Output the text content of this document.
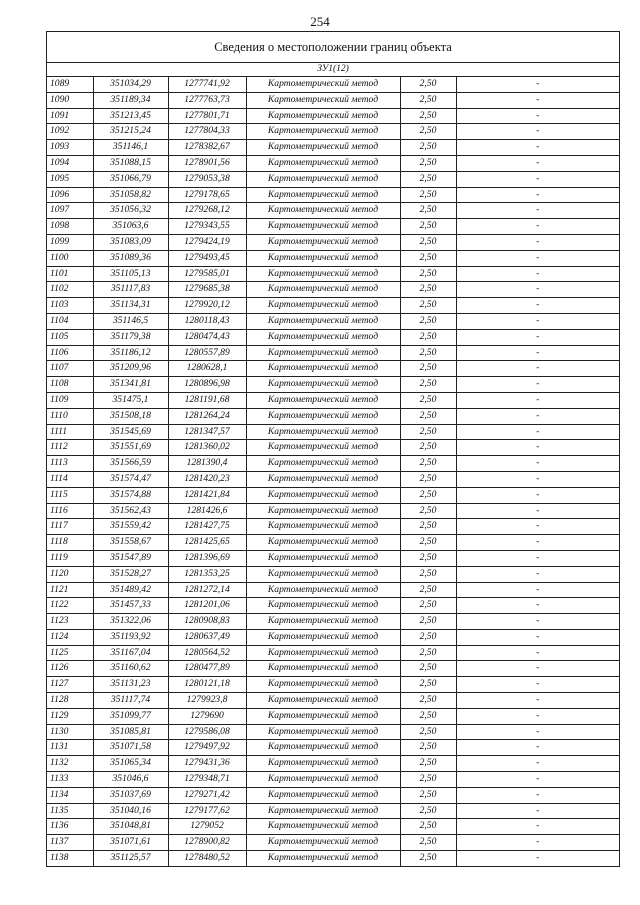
254
Сведения о местоположении границ объекта
ЗУ1(12)
1089	351034,29	1277741,92	Картометрический метод	2,50	-
1090	351189,34	1277763,73	Картометрический метод	2,50	-
1091	351213,45	1277801,71	Картометрический метод	2,50	-
1092	351215,24	1277804,33	Картометрический метод	2,50	-
1093	351146,1	1278382,67	Картометрический метод	2,50	-
1094	351088,15	1278901,56	Картометрический метод	2,50	-
1095	351066,79	1279053,38	Картометрический метод	2,50	-
1096	351058,82	1279178,65	Картометрический метод	2,50	-
1097	351056,32	1279268,12	Картометрический метод	2,50	-
1098	351063,6	1279343,55	Картометрический метод	2,50	-
1099	351083,09	1279424,19	Картометрический метод	2,50	-
1100	351089,36	1279493,45	Картометрический метод	2,50	-
1101	351105,13	1279585,01	Картометрический метод	2,50	-
1102	351117,83	1279685,38	Картометрический метод	2,50	-
1103	351134,31	1279920,12	Картометрический метод	2,50	-
1104	351146,5	1280118,43	Картометрический метод	2,50	-
1105	351179,38	1280474,43	Картометрический метод	2,50	-
1106	351186,12	1280557,89	Картометрический метод	2,50	-
1107	351209,96	1280628,1	Картометрический метод	2,50	-
1108	351341,81	1280896,98	Картометрический метод	2,50	-
1109	351475,1	1281191,68	Картометрический метод	2,50	-
1110	351508,18	1281264,24	Картометрический метод	2,50	-
1111	351545,69	1281347,57	Картометрический метод	2,50	-
1112	351551,69	1281360,02	Картометрический метод	2,50	-
1113	351566,59	1281390,4	Картометрический метод	2,50	-
1114	351574,47	1281420,23	Картометрический метод	2,50	-
1115	351574,88	1281421,84	Картометрический метод	2,50	-
1116	351562,43	1281426,6	Картометрический метод	2,50	-
1117	351559,42	1281427,75	Картометрический метод	2,50	-
1118	351558,67	1281425,65	Картометрический метод	2,50	-
1119	351547,89	1281396,69	Картометрический метод	2,50	-
1120	351528,27	1281353,25	Картометрический метод	2,50	-
1121	351489,42	1281272,14	Картометрический метод	2,50	-
1122	351457,33	1281201,06	Картометрический метод	2,50	-
1123	351322,06	1280908,83	Картометрический метод	2,50	-
1124	351193,92	1280637,49	Картометрический метод	2,50	-
1125	351167,04	1280564,52	Картометрический метод	2,50	-
1126	351160,62	1280477,89	Картометрический метод	2,50	-
1127	351131,23	1280121,18	Картометрический метод	2,50	-
1128	351117,74	1279923,8	Картометрический метод	2,50	-
1129	351099,77	1279690	Картометрический метод	2,50	-
1130	351085,81	1279586,08	Картометрический метод	2,50	-
1131	351071,58	1279497,92	Картометрический метод	2,50	-
1132	351065,34	1279431,36	Картометрический метод	2,50	-
1133	351046,6	1279348,71	Картометрический метод	2,50	-
1134	351037,69	1279271,42	Картометрический метод	2,50	-
1135	351040,16	1279177,62	Картометрический метод	2,50	-
1136	351048,81	1279052	Картометрический метод	2,50	-
1137	351071,61	1278900,82	Картометрический метод	2,50	-
1138	351125,57	1278480,52	Картометрический метод	2,50	-
